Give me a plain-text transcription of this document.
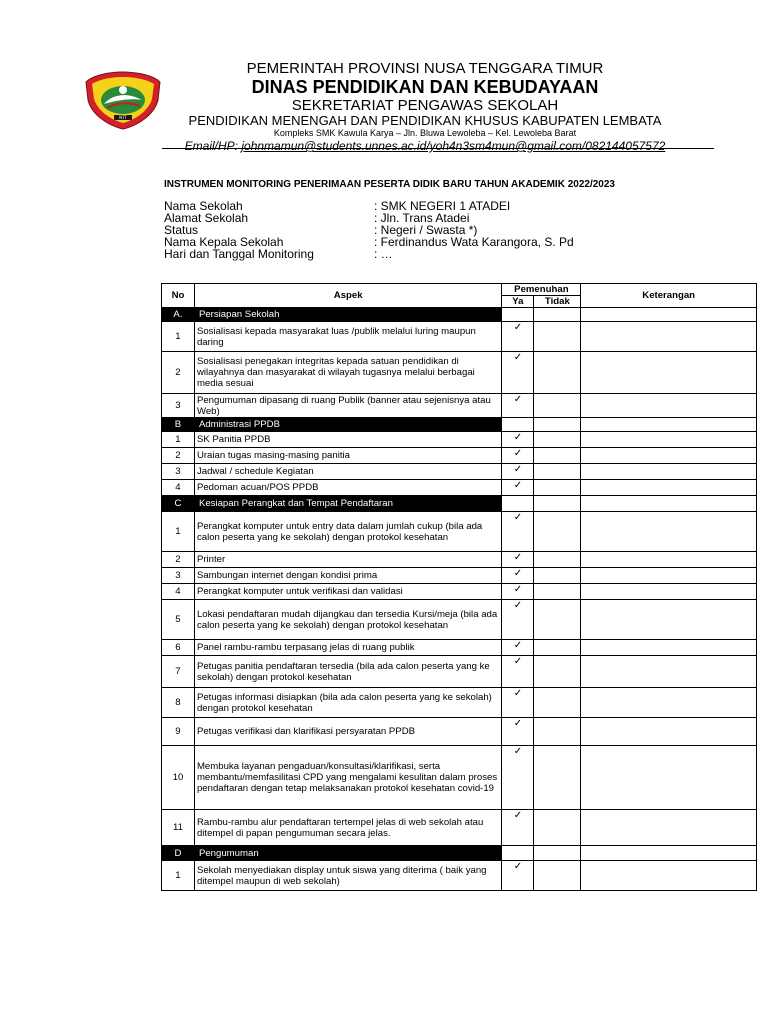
NTT
PEMERINTAH PROVINSI NUSA TENGGARA TIMUR
DINAS PENDIDIKAN DAN KEBUDAYAAN
SEKRETARIAT PENGAWAS SEKOLAH
PENDIDIKAN MENENGAH DAN PENDIDIKAN KHUSUS KABUPATEN LEMBATA
Kompleks SMK Kawula Karya – Jln. Bluwa Lewoleba – Kel. Lewoleba Barat
Email/HP: johnmamun@students.unnes.ac.id/yoh4n3sm4mun@gmail.com/082144057572
INSTRUMEN MONITORING PENERIMAAN PESERTA DIDIK BARU TAHUN AKADEMIK 2022/2023
Nama Sekolah	: SMK NEGERI 1 ATADEI
Alamat Sekolah	: Jln. Trans Atadei
Status	: Negeri / Swasta *)
Nama Kepala Sekolah	: Ferdinandus Wata Karangora, S. Pd
Hari dan Tanggal Monitoring	: …
No	Aspek	Pemenuhan		Keterangan
		Ya	Tidak	
A.	Persiapan Sekolah			
1	Sosialisasi kepada masyarakat luas /publik melalui luring maupun daring	✓		
2	Sosialisasi penegakan integritas kepada satuan pendidikan di wilayahnya dan masyarakat di wilayah tugasnya melalui berbagai media sesuai	✓		
3	Pengumuman dipasang di ruang Publik (banner atau sejenisnya atau Web)	✓		
B	Administrasi PPDB			
1	SK Panitia PPDB	✓		
2	Uraian tugas masing-masing panitia	✓		
3	Jadwal / schedule Kegiatan	✓		
4	Pedoman acuan/POS PPDB	✓		
C	Kesiapan Perangkat dan Tempat Pendaftaran			
1	Perangkat komputer untuk entry data dalam jumlah cukup (bila ada calon peserta yang ke sekolah) dengan protokol kesehatan	✓		
2	Printer	✓		
3	Sambungan internet dengan kondisi prima	✓		
4	Perangkat komputer untuk verifikasi dan validasi	✓		
5	Lokasi pendaftaran mudah dijangkau dan tersedia Kursi/meja (bila ada calon peserta yang ke sekolah) dengan protokol kesehatan	✓		
6	Panel rambu-rambu terpasang jelas di ruang publik	✓		
7	Petugas panitia pendaftaran tersedia (bila ada calon peserta yang ke sekolah) dengan protokol kesehatan	✓		
8	Petugas informasi disiapkan (bila ada calon peserta yang ke sekolah) dengan protokol kesehatan	✓		
9	Petugas verifikasi dan klarifikasi persyaratan PPDB	✓		
10	Membuka layanan pengaduan/konsultasi/klarifikasi, serta membantu/memfasilitasi CPD yang mengalami kesulitan dalam proses pendaftaran dengan tetap melaksanakan protokol kesehatan covid-19	✓		
11	Rambu-rambu alur pendaftaran tertempel jelas di web sekolah atau ditempel di papan pengumuman secara jelas.	✓		
D	Pengumuman			
1	Sekolah menyediakan display untuk siswa yang diterima ( baik yang ditempel maupun di web sekolah)	✓		
